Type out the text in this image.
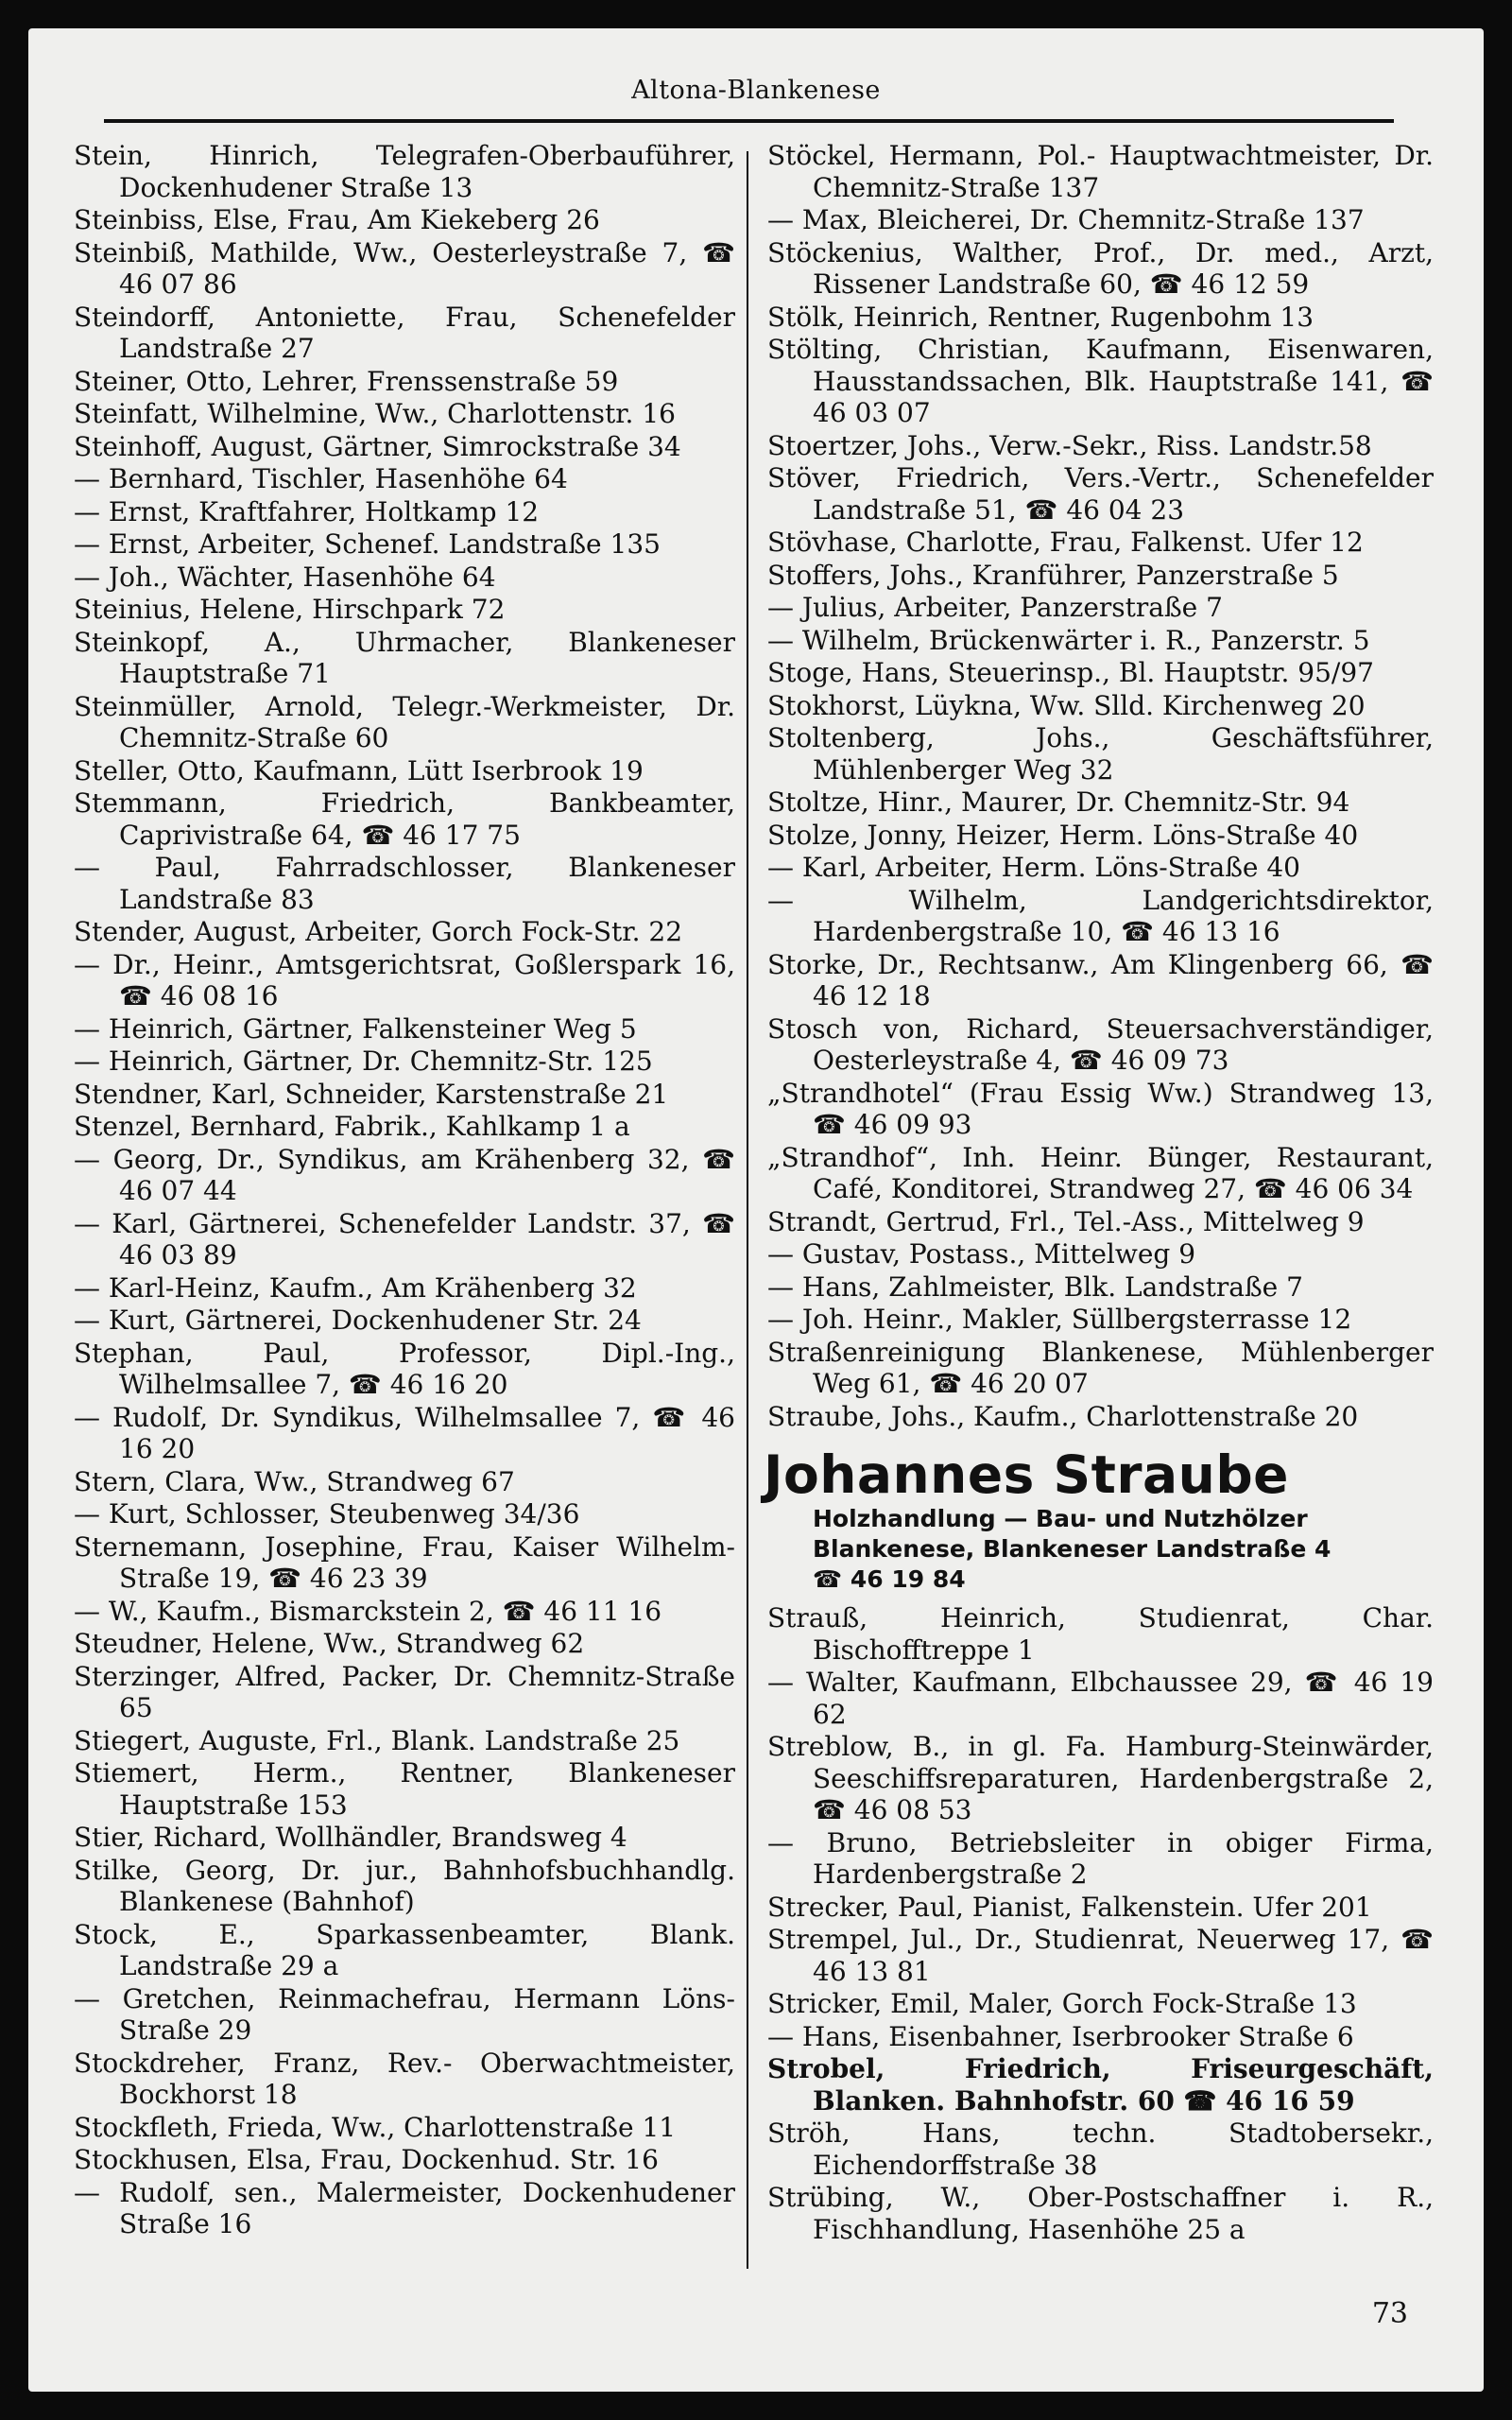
Altona-Blankenese
Stein, Hinrich, Telegrafen-Oberbauführer, Dockenhudener Straße 13
Steinbiss, Else, Frau, Am Kiekeberg 26
Steinbiß, Mathilde, Ww., Oesterleystraße 7, ☎ 46 07 86
Steindorff, Antoniette, Frau, Schenefelder Landstraße 27
Steiner, Otto, Lehrer, Frenssenstraße 59
Steinfatt, Wilhelmine, Ww., Charlottenstr. 16
Steinhoff, August, Gärtner, Simrockstraße 34
— Bernhard, Tischler, Hasenhöhe 64
— Ernst, Kraftfahrer, Holtkamp 12
— Ernst, Arbeiter, Schenef. Landstraße 135
— Joh., Wächter, Hasenhöhe 64
Steinius, Helene, Hirschpark 72
Steinkopf, A., Uhrmacher, Blankeneser Hauptstraße 71
Steinmüller, Arnold, Telegr.-Werkmeister, Dr. Chemnitz-Straße 60
Steller, Otto, Kaufmann, Lütt Iserbrook 19
Stemmann, Friedrich, Bankbeamter, Caprivistraße 64, ☎ 46 17 75
— Paul, Fahrradschlosser, Blankeneser Landstraße 83
Stender, August, Arbeiter, Gorch Fock-Str. 22
— Dr., Heinr., Amtsgerichtsrat, Goßlerspark 16, ☎ 46 08 16
— Heinrich, Gärtner, Falkensteiner Weg 5
— Heinrich, Gärtner, Dr. Chemnitz-Str. 125
Stendner, Karl, Schneider, Karstenstraße 21
Stenzel, Bernhard, Fabrik., Kahlkamp 1 a
— Georg, Dr., Syndikus, am Krähenberg 32, ☎ 46 07 44
— Karl, Gärtnerei, Schenefelder Landstr. 37, ☎ 46 03 89
— Karl-Heinz, Kaufm., Am Krähenberg 32
— Kurt, Gärtnerei, Dockenhudener Str. 24
Stephan, Paul, Professor, Dipl.-Ing., Wilhelmsallee 7, ☎ 46 16 20
— Rudolf, Dr. Syndikus, Wilhelmsallee 7, ☎ 46 16 20
Stern, Clara, Ww., Strandweg 67
— Kurt, Schlosser, Steubenweg 34/36
Sternemann, Josephine, Frau, Kaiser Wilhelm-Straße 19, ☎ 46 23 39
— W., Kaufm., Bismarckstein 2, ☎ 46 11 16
Steudner, Helene, Ww., Strandweg 62
Sterzinger, Alfred, Packer, Dr. Chemnitz-Straße 65
Stiegert, Auguste, Frl., Blank. Landstraße 25
Stiemert, Herm., Rentner, Blankeneser Hauptstraße 153
Stier, Richard, Wollhändler, Brandsweg 4
Stilke, Georg, Dr. jur., Bahnhofsbuchhandlg. Blankenese (Bahnhof)
Stock, E., Sparkassenbeamter, Blank. Landstraße 29 a
— Gretchen, Reinmachefrau, Hermann Löns-Straße 29
Stockdreher, Franz, Rev.- Oberwachtmeister, Bockhorst 18
Stockfleth, Frieda, Ww., Charlottenstraße 11
Stockhusen, Elsa, Frau, Dockenhud. Str. 16
— Rudolf, sen., Malermeister, Dockenhudener Straße 16
Stöckel, Hermann, Pol.- Hauptwachtmeister, Dr. Chemnitz-Straße 137
— Max, Bleicherei, Dr. Chemnitz-Straße 137
Stöckenius, Walther, Prof., Dr. med., Arzt, Rissener Landstraße 60, ☎ 46 12 59
Stölk, Heinrich, Rentner, Rugenbohm 13
Stölting, Christian, Kaufmann, Eisenwaren, Hausstandssachen, Blk. Hauptstraße 141, ☎ 46 03 07
Stoertzer, Johs., Verw.-Sekr., Riss. Landstr.58
Stöver, Friedrich, Vers.-Vertr., Schenefelder Landstraße 51, ☎ 46 04 23
Stövhase, Charlotte, Frau, Falkenst. Ufer 12
Stoffers, Johs., Kranführer, Panzerstraße 5
— Julius, Arbeiter, Panzerstraße 7
— Wilhelm, Brückenwärter i. R., Panzerstr. 5
Stoge, Hans, Steuerinsp., Bl. Hauptstr. 95/97
Stokhorst, Lüykna, Ww. Slld. Kirchenweg 20
Stoltenberg, Johs., Geschäftsführer, Mühlenberger Weg 32
Stoltze, Hinr., Maurer, Dr. Chemnitz-Str. 94
Stolze, Jonny, Heizer, Herm. Löns-Straße 40
— Karl, Arbeiter, Herm. Löns-Straße 40
— Wilhelm, Landgerichtsdirektor, Hardenbergstraße 10, ☎ 46 13 16
Storke, Dr., Rechtsanw., Am Klingenberg 66, ☎ 46 12 18
Stosch von, Richard, Steuersachverständiger, Oesterleystraße 4, ☎ 46 09 73
„Strandhotel“ (Frau Essig Ww.) Strandweg 13, ☎ 46 09 93
„Strandhof“, Inh. Heinr. Bünger, Restaurant, Café, Konditorei, Strandweg 27, ☎ 46 06 34
Strandt, Gertrud, Frl., Tel.-Ass., Mittelweg 9
— Gustav, Postass., Mittelweg 9
— Hans, Zahlmeister, Blk. Landstraße 7
— Joh. Heinr., Makler, Süllbergsterrasse 12
Straßenreinigung Blankenese, Mühlenberger Weg 61, ☎ 46 20 07
Straube, Johs., Kaufm., Charlottenstraße 20
Johannes Straube
Holzhandlung — Bau- und Nutzhölzer
Blankenese, Blankeneser Landstraße 4
☎ 46 19 84
Strauß, Heinrich, Studienrat, Char. Bischofftreppe 1
— Walter, Kaufmann, Elbchaussee 29, ☎ 46 19 62
Streblow, B., in gl. Fa. Hamburg-Steinwärder, Seeschiffsreparaturen, Hardenbergstraße 2, ☎ 46 08 53
— Bruno, Betriebsleiter in obiger Firma, Hardenbergstraße 2
Strecker, Paul, Pianist, Falkenstein. Ufer 201
Strempel, Jul., Dr., Studienrat, Neuerweg 17, ☎ 46 13 81
Stricker, Emil, Maler, Gorch Fock-Straße 13
— Hans, Eisenbahner, Iserbrooker Straße 6
Strobel, Friedrich, Friseurgeschäft, Blanken. Bahnhofstr. 60 ☎ 46 16 59
Ströh, Hans, techn. Stadtobersekr., Eichendorffstraße 38
Strübing, W., Ober-Postschaffner i. R., Fischhandlung, Hasenhöhe 25 a
73
